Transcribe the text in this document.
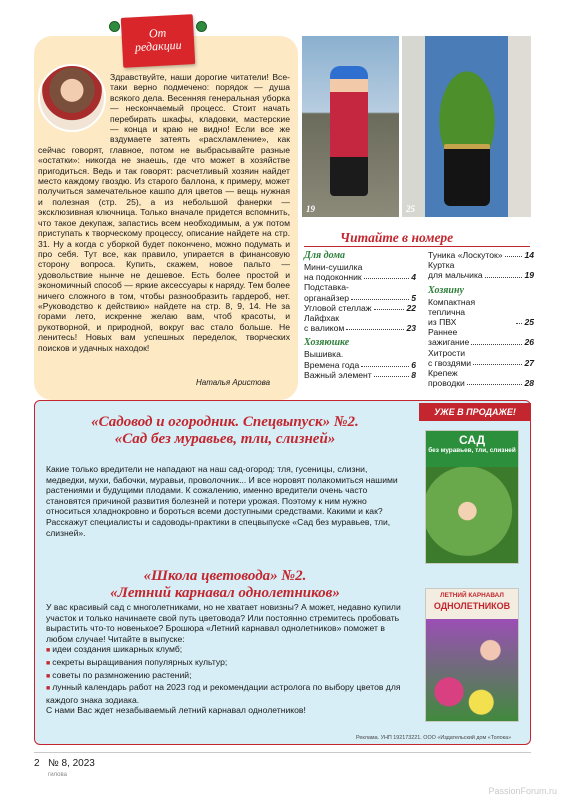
От
редакции
Здравствуйте, наши дорогие читатели! Все-таки верно подмечено: порядок — душа всякого дела. Весенняя генеральная уборка — нескончаемый процесс. Стоит начать перебирать шкафы, кладовки, мастерские — конца и краю не видно! Если все же вздумаете затеять «расхламление», как сейчас говорят, главное, потом не выбрасывайте разные «остатки»: никогда не знаешь, где что может в хозяйстве пригодиться. Ведь и так говорят: расчетливый хозяин найдет место каждому гвоздю. Из старого баллона, к примеру, может получиться замечательное кашпо для цветов — вещь нужная и полезная (стр. 25), а из небольшой фанерки — эксклюзивная ключница. Только вначале придется вспомнить, что такое декупаж, запастись всем необходимым, а уж потом приступать к творческому процессу, описание найдете на стр. 31. Ну а когда с уборкой будет покончено, можно подумать и про себя. Тут все, как правило, упирается в финансовую сторону вопроса. Купить, скажем, новое пальто — удовольствие нынче не дешевое. Есть более простой и экономичный способ — яркие аксессуары к наряду. Тем более ничего сложного в том, чтобы разнообразить гардероб, нет. «Руководство к действию» найдете на стр. 8, 9, 14. Не за горами лето, искренне желаю вам, чтоб красоты, и рукотворной, и природной, вокруг вас стало больше. Не ленитесь! Новых вам успешных переделок, творческих поисков и удачных находок!
Наталья Аристова
19	25
Читайте в номере
Для дома
Мини-сушилка
на подоконник	4
Подставка-
органайзер	5
Угловой стеллаж	22
Лайфхак
с валиком	23
Хозяюшке
Вышивка.
Времена года	6
Важный элемент	8
Туника «Лоскуток»	14
Куртка
для мальчика	19
Хозяину
Компактная теплична
из ПВХ	25
Раннее
зажигание	26
Хитрости
с гвоздями	27
Крепеж
проводки	28
УЖЕ В ПРОДАЖЕ!
«Садовод и огородник. Спецвыпуск» №2.
«Сад без муравьев, тли, слизней»
Какие только вредители не нападают на наш сад-огород: тля, гусеницы, слизни, медведки, мухи, бабочки, муравьи, проволочник... И все норовят полакомиться нашими растениями и будущими плодами. К сожалению, именно вредители очень часто становятся причиной развития болезней и потери урожая. Поэтому к ним нужно относиться хладнокровно и бороться всеми доступными средствами. Какими и как? Расскажут специалисты и садоводы-практики в спецвыпуске «Сад без муравьев, тли, слизней».
«Школа цветовода» №2.
«Летний карнавал однолетников»

У вас красивый сад с многолетниками, но не хватает новизны? А может, недавно купили участок и только начинаете свой путь цветовода? Или постоянно стремитесь пробовать вырастить что-то новенькое? Брошюра «Летний карнавал однолетников» поможет в любом случае! Читайте в выпуске:

■ идеи создания шикарных клумб;
■ секреты выращивания популярных культур;
■ советы по размножению растений;
■ лунный календарь работ на 2023 год и рекомендации астролога по выбору цветов для каждого знака зодиака.

С нами Вас ждет незабываемый летний карнавал однолетников!

САД
без муравьев, тли, слизней
ЛЕТНИЙ КАРНАВАЛ
ОДНОЛЕТНИКОВ
Реклама. УНП 192173221. ООО «Издательский дом «Толока»
2 № 8, 2023
гилова
PassionForum.ru
